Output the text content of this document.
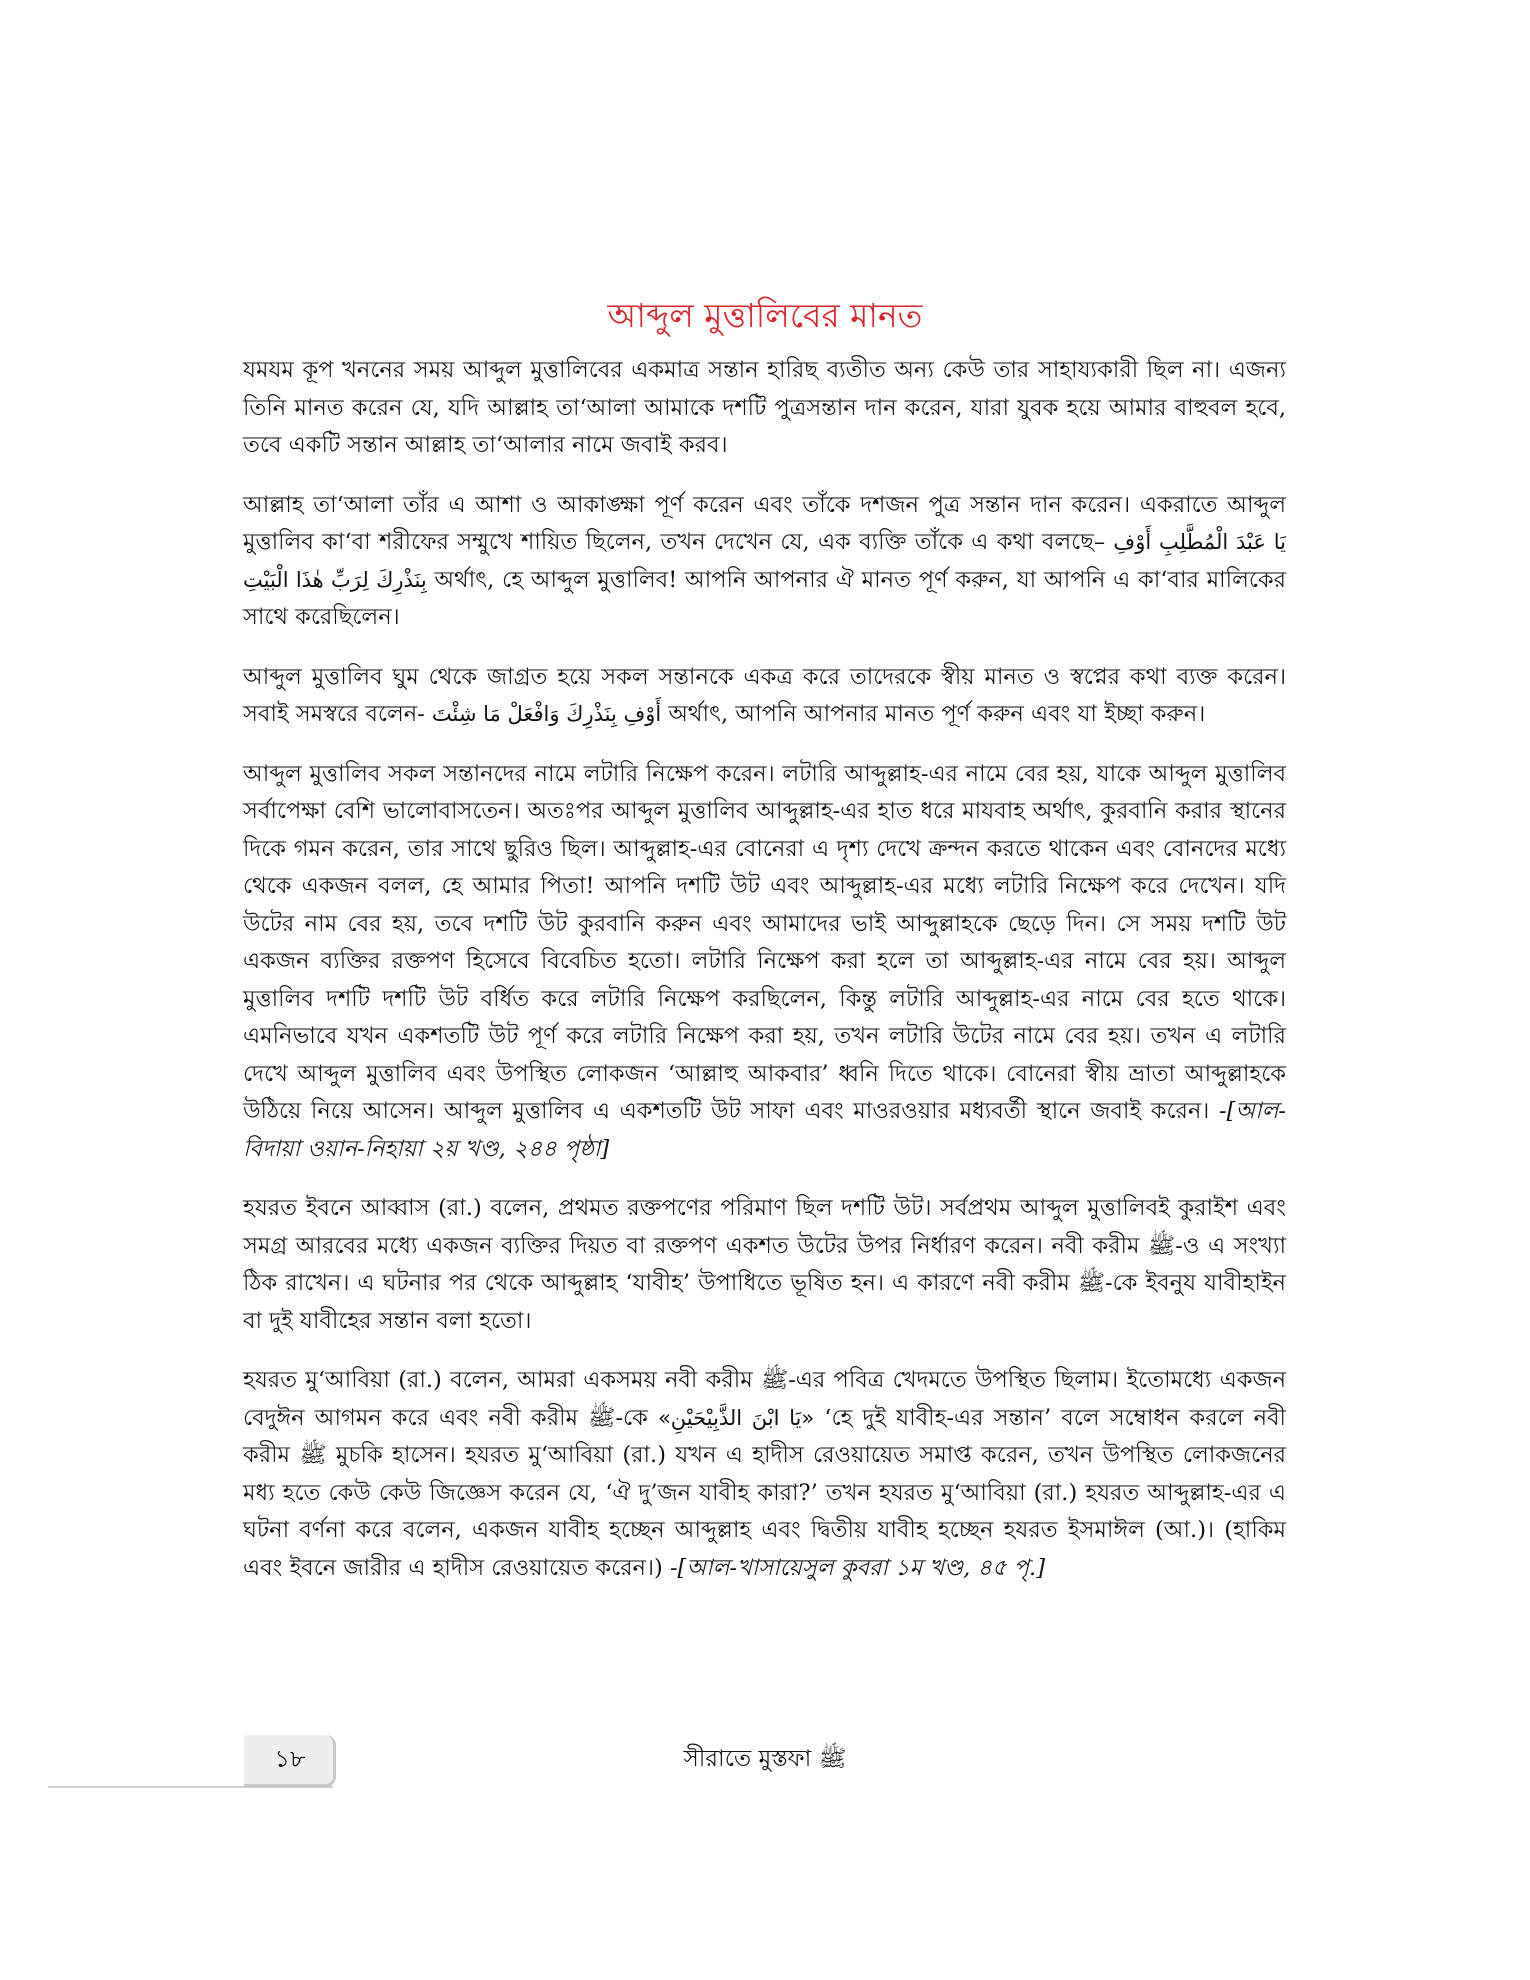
আব্দুল মুত্তালিবের মানত

যমযম কূপ খননের সময় আব্দুল মুত্তালিবের একমাত্র সন্তান হারিছ ব্যতীত অন্য কেউ তার সাহায্যকারী ছিল না। এজন্য তিনি মানত করেন যে, যদি আল্লাহ তা‘আলা আমাকে দশটি পুত্রসন্তান দান করেন, যারা যুবক হয়ে আমার বাহুবল হবে, তবে একটি সন্তান আল্লাহ তা‘আলার নামে জবাই করব।

আল্লাহ তা‘আলা তাঁর এ আশা ও আকাঙ্ক্ষা পূর্ণ করেন এবং তাঁকে দশজন পুত্র সন্তান দান করেন। একরাতে আব্দুল মুত্তালিব কা‘বা শরীফের সম্মুখে শায়িত ছিলেন, তখন দেখেন যে, এক ব্যক্তি তাঁকে এ কথা বলছে– يَا عَبْدَ الْمُطَّلِبِ أَوْفِ بِنَذْرِكَ لِرَبِّ هٰذَا الْبَيْتِ অর্থাৎ, হে আব্দুল মুত্তালিব! আপনি আপনার ঐ মানত পূর্ণ করুন, যা আপনি এ কা‘বার মালিকের সাথে করেছিলেন।

আব্দুল মুত্তালিব ঘুম থেকে জাগ্রত হয়ে সকল সন্তানকে একত্র করে তাদেরকে স্বীয় মানত ও স্বপ্নের কথা ব্যক্ত করেন। সবাই সমস্বরে বলেন- أَوْفِ بِنَذْرِكَ وَافْعَلْ مَا شِئْتَ অর্থাৎ, আপনি আপনার মানত পূর্ণ করুন এবং যা ইচ্ছা করুন।

আব্দুল মুত্তালিব সকল সন্তানদের নামে লটারি নিক্ষেপ করেন। লটারি আব্দুল্লাহ-এর নামে বের হয়, যাকে আব্দুল মুত্তালিব সর্বাপেক্ষা বেশি ভালোবাসতেন। অতঃপর আব্দুল মুত্তালিব আব্দুল্লাহ-এর হাত ধরে মাযবাহ অর্থাৎ, কুরবানি করার স্থানের দিকে গমন করেন, তার সাথে ছুরিও ছিল। আব্দুল্লাহ-এর বোনেরা এ দৃশ্য দেখে ক্রন্দন করতে থাকেন এবং বোনদের মধ্যে থেকে একজন বলল, হে আমার পিতা! আপনি দশটি উট এবং আব্দুল্লাহ-এর মধ্যে লটারি নিক্ষেপ করে দেখেন। যদি উটের নাম বের হয়, তবে দশটি উট কুরবানি করুন এবং আমাদের ভাই আব্দুল্লাহকে ছেড়ে দিন। সে সময় দশটি উট একজন ব্যক্তির রক্তপণ হিসেবে বিবেচিত হতো। লটারি নিক্ষেপ করা হলে তা আব্দুল্লাহ-এর নামে বের হয়। আব্দুল মুত্তালিব দশটি দশটি উট বর্ধিত করে লটারি নিক্ষেপ করছিলেন, কিন্তু লটারি আব্দুল্লাহ-এর নামে বের হতে থাকে। এমনিভাবে যখন একশতটি উট পূর্ণ করে লটারি নিক্ষেপ করা হয়, তখন লটারি উটের নামে বের হয়। তখন এ লটারি দেখে আব্দুল মুত্তালিব এবং উপস্থিত লোকজন ‘আল্লাহু আকবার’ ধ্বনি দিতে থাকে। বোনেরা স্বীয় ভ্রাতা আব্দুল্লাহকে উঠিয়ে নিয়ে আসেন। আব্দুল মুত্তালিব এ একশতটি উট সাফা এবং মাওরওয়ার মধ্যবর্তী স্থানে জবাই করেন। -[আল-বিদায়া ওয়ান-নিহায়া ২য় খণ্ড, ২৪৪ পৃষ্ঠা]

হযরত ইবনে আব্বাস (রা.) বলেন, প্রথমত রক্তপণের পরিমাণ ছিল দশটি উট। সর্বপ্রথম আব্দুল মুত্তালিবই কুরাইশ এবং সমগ্র আরবের মধ্যে একজন ব্যক্তির দিয়ত বা রক্তপণ একশত উটের উপর নির্ধারণ করেন। নবী করীম ﷺ-ও এ সংখ্যা ঠিক রাখেন। এ ঘটনার পর থেকে আব্দুল্লাহ ‘যাবীহ’ উপাধিতে ভূষিত হন। এ কারণে নবী করীম ﷺ-কে ইবনুয যাবীহাইন বা দুই যাবীহের সন্তান বলা হতো।

হযরত মু‘আবিয়া (রা.) বলেন, আমরা একসময় নবী করীম ﷺ-এর পবিত্র খেদমতে উপস্থিত ছিলাম। ইতোমধ্যে একজন বেদুঈন আগমন করে এবং নবী করীম ﷺ-কে «يَا ابْنَ الذَّبِيْحَيْنِ» ‘হে দুই যাবীহ-এর সন্তান’ বলে সম্বোধন করলে নবী করীম ﷺ মুচকি হাসেন। হযরত মু‘আবিয়া (রা.) যখন এ হাদীস রেওয়ায়েত সমাপ্ত করেন, তখন উপস্থিত লোকজনের মধ্য হতে কেউ কেউ জিজ্ঞেস করেন যে, ‘ঐ দু’জন যাবীহ কারা?’ তখন হযরত মু‘আবিয়া (রা.) হযরত আব্দুল্লাহ-এর এ ঘটনা বর্ণনা করে বলেন, একজন যাবীহ হচ্ছেন আব্দুল্লাহ এবং দ্বিতীয় যাবীহ হচ্ছেন হযরত ইসমাঈল (আ.)। (হাকিম এবং ইবনে জারীর এ হাদীস রেওয়ায়েত করেন।) -[আল-খাসায়েসুল কুবরা ১ম খণ্ড, ৪৫ পৃ.]

১৮	সীরাতে মুস্তফা ﷺ
